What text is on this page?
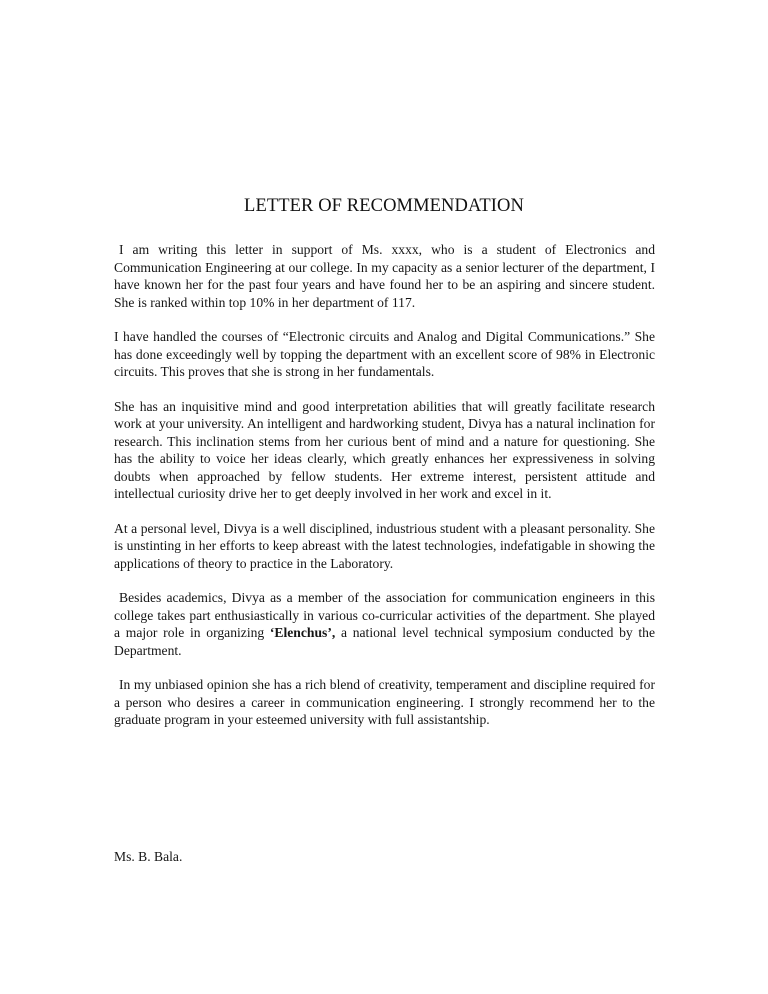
LETTER OF RECOMMENDATION

I am writing this letter in support of Ms. xxxx, who is a student of Electronics and Communication Engineering at our college. In my capacity as a senior lecturer of the department, I have known her for the past four years and have found her to be an aspiring and sincere student. She is ranked within top 10% in her department of 117.

I have handled the courses of “Electronic circuits and Analog and Digital Communications.” She has done exceedingly well by topping the department with an excellent score of 98% in Electronic circuits. This proves that she is strong in her fundamentals.

She has an inquisitive mind and good interpretation abilities that will greatly facilitate research work at your university. An intelligent and hardworking student, Divya has a natural inclination for research. This inclination stems from her curious bent of mind and a nature for questioning. She has the ability to voice her ideas clearly, which greatly enhances her expressiveness in solving doubts when approached by fellow students. Her extreme interest, persistent attitude and intellectual curiosity drive her to get deeply involved in her work and excel in it.

At a personal level, Divya is a well disciplined, industrious student with a pleasant personality. She is unstinting in her efforts to keep abreast with the latest technologies, indefatigable in showing the applications of theory to practice in the Laboratory.

Besides academics, Divya as a member of the association for communication engineers in this college takes part enthusiastically in various co-curricular activities of the department. She played a major role in organizing ‘Elenchus’, a national level technical symposium conducted by the Department.

In my unbiased opinion she has a rich blend of creativity, temperament and discipline required for a person who desires a career in communication engineering. I strongly recommend her to the graduate program in your esteemed university with full assistantship.

Ms. B. Bala.
